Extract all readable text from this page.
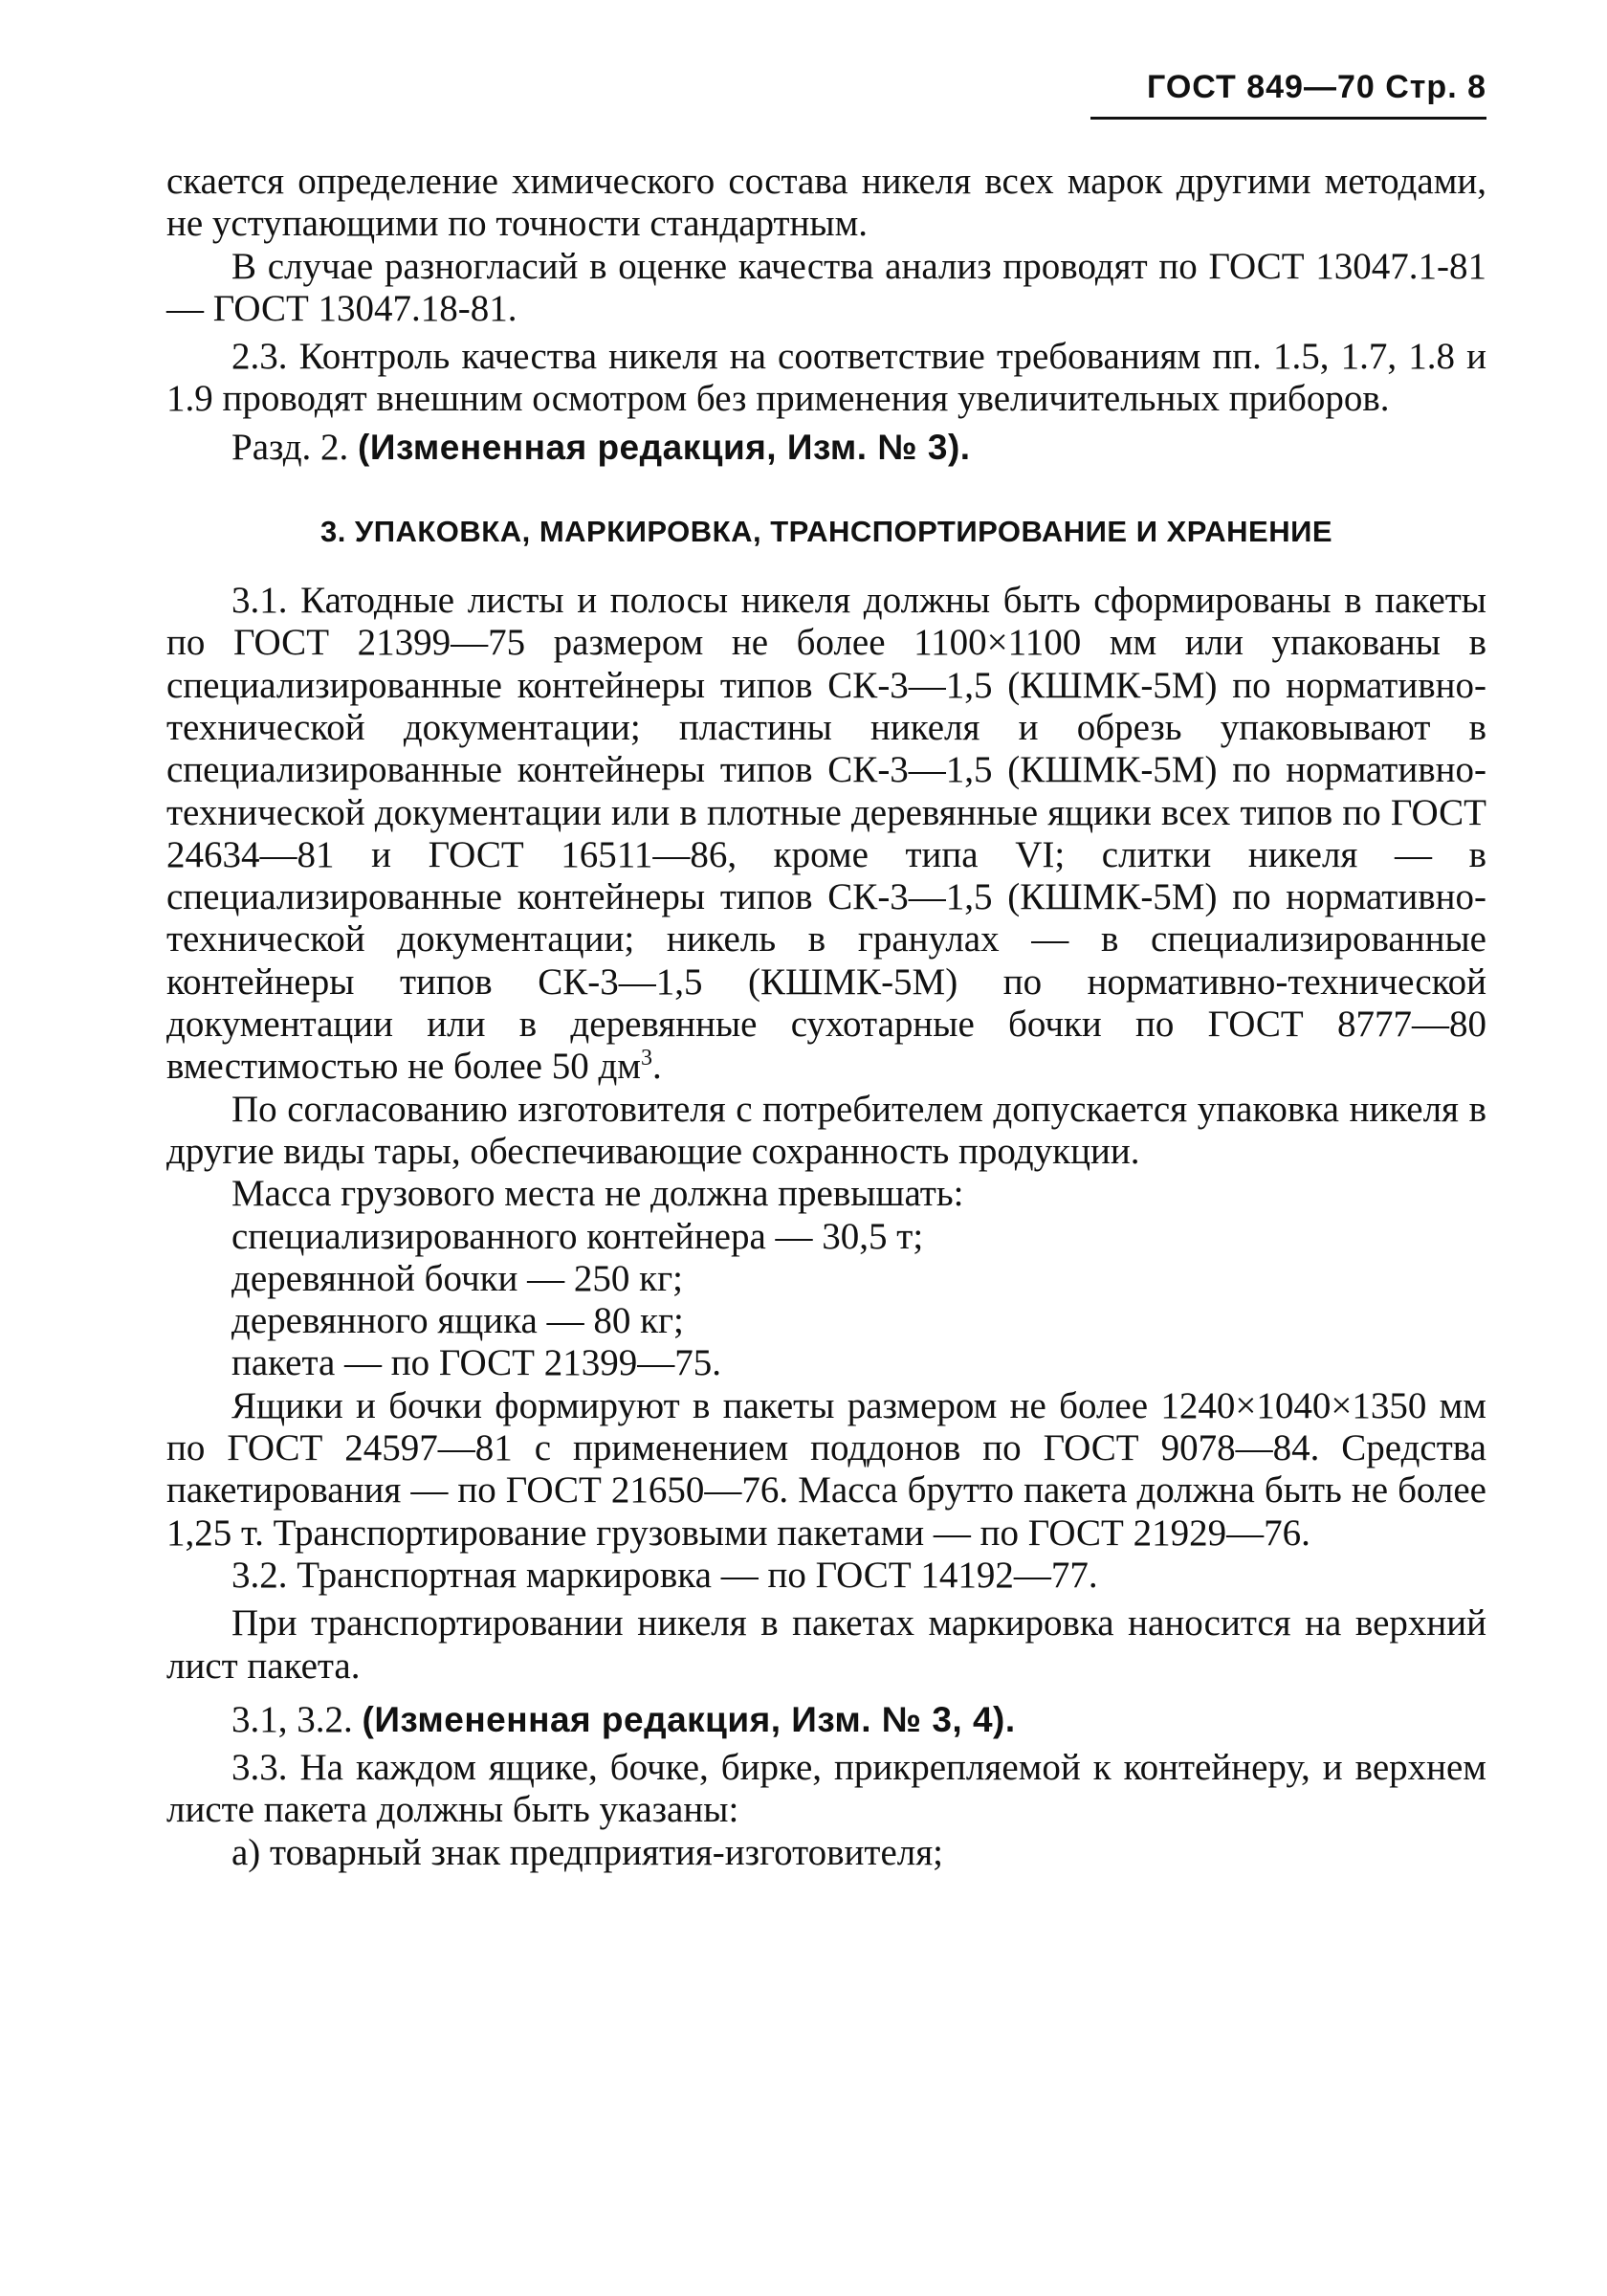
ГОСТ 849—70 Стр. 8

скается определение химического состава никеля всех марок другими методами, не уступающими по точности стандартным.

В случае разногласий в оценке качества анализ проводят по ГОСТ 13047.1-81 — ГОСТ 13047.18-81.

2.3. Контроль качества никеля на соответствие требованиям пп. 1.5, 1.7, 1.8 и 1.9 проводят внешним осмотром без применения увеличительных приборов.

Разд. 2. (Измененная редакция, Изм. № 3).

3. УПАКОВКА, МАРКИРОВКА, ТРАНСПОРТИРОВАНИЕ И ХРАНЕНИЕ

3.1. Катодные листы и полосы никеля должны быть сформированы в пакеты по ГОСТ 21399—75 размером не более 1100×1100 мм или упакованы в специализированные контейнеры типов СК-3—1,5 (КШМК-5М) по нормативно-технической документации; пластины никеля и обрезь упаковывают в специализированные контейнеры типов СК-3—1,5 (КШМК-5М) по нормативно-технической документации или в плотные деревянные ящики всех типов по ГОСТ 24634—81 и ГОСТ 16511—86, кроме типа VI; слитки никеля — в специализированные контейнеры типов СК-3—1,5 (КШМК-5М) по нормативно-технической документации; никель в гранулах — в специализированные контейнеры типов СК-3—1,5 (КШМК-5М) по нормативно-технической документации или в деревянные сухотарные бочки по ГОСТ 8777—80 вместимостью не более 50 $дм^3$.

По согласованию изготовителя с потребителем допускается упаковка никеля в другие виды тары, обеспечивающие сохранность продукции.

Масса грузового места не должна превышать:

специализированного контейнера — 30,5 т;

деревянной бочки — 250 кг;

деревянного ящика — 80 кг;

пакета — по ГОСТ 21399—75.

Ящики и бочки формируют в пакеты размером не более 1240×1040×1350 мм по ГОСТ 24597—81 с применением поддонов по ГОСТ 9078—84. Средства пакетирования — по ГОСТ 21650—76. Масса брутто пакета должна быть не более 1,25 т. Транспортирование грузовыми пакетами — по ГОСТ 21929—76.

3.2. Транспортная маркировка — по ГОСТ 14192—77.

При транспортировании никеля в пакетах маркировка наносится на верхний лист пакета.

3.1, 3.2. (Измененная редакция, Изм. № 3, 4).

3.3. На каждом ящике, бочке, бирке, прикрепляемой к контейнеру, и верхнем листе пакета должны быть указаны:

а) товарный знак предприятия-изготовителя;
